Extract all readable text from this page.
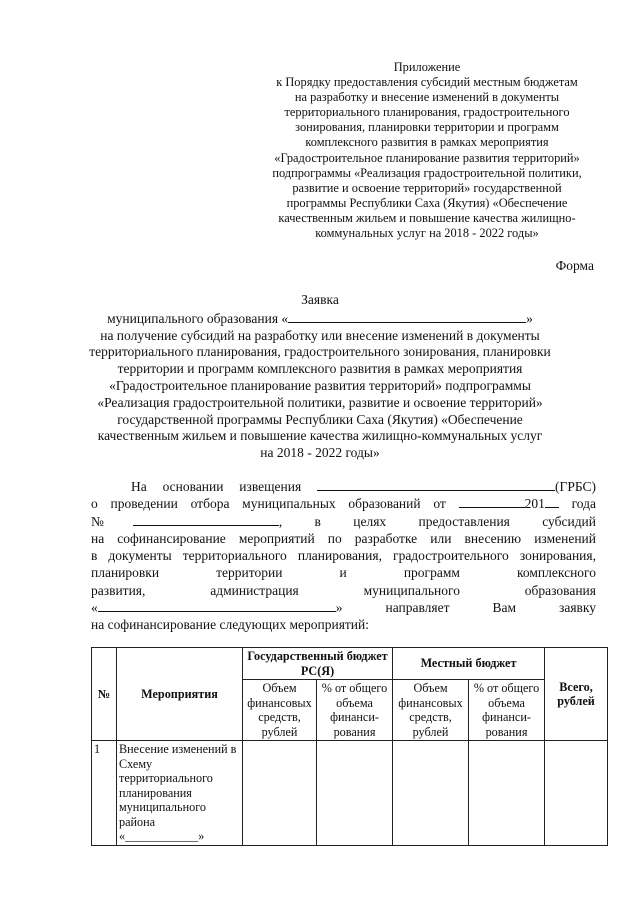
Приложение
к Порядку предоставления субсидий местным бюджетам
на разработку и внесение изменений в документы
территориального планирования, градостроительного
зонирования, планировки территории и программ
комплексного развития в рамках мероприятия
«Градостроительное планирование развития территорий»
подпрограммы «Реализация градостроительной политики,
развитие и освоение территорий» государственной
программы Республики Саха (Якутия) «Обеспечение
качественным жильем и повышение качества жилищно-
коммунальных услуг на 2018 - 2022 годы»
Форма
Заявка
муниципального образования «	»
на получение субсидий на разработку или внесение изменений в документы
территориального планирования, градостроительного зонирования, планировки
территории и программ комплексного развития в рамках мероприятия
«Градостроительное планирование развития территорий» подпрограммы
«Реализация градостроительной политики, развитие и освоение территорий»
государственной программы Республики Саха (Якутия) «Обеспечение
качественным жильем и повышение качества жилищно-коммунальных услуг
на 2018 - 2022 годы»
На основании извещения	(ГРБС)
о проведении отбора муниципальных образований от	201 года
№	, в целях предоставления субсидий
на софинансирование мероприятий по разработке или внесению изменений
в документы территориального планирования, градостроительного зонирования,
планировки	территории	и	программ	комплексного
развития,	администрация	муниципального	образования
«	»	направляет	Вам	заявку
на софинансирование следующих мероприятий:
№	Мероприятия	Государственный бюджет РС(Я)		Местный бюджет		Всего, рублей
		Объем финансовых средств, рублей	% от общего объема финанси-рования	Объем финансовых средств, рублей	% от общего объема финанси-рования	
1	Внесение изменений в Схему территориального планирования муниципального района «____________»					
